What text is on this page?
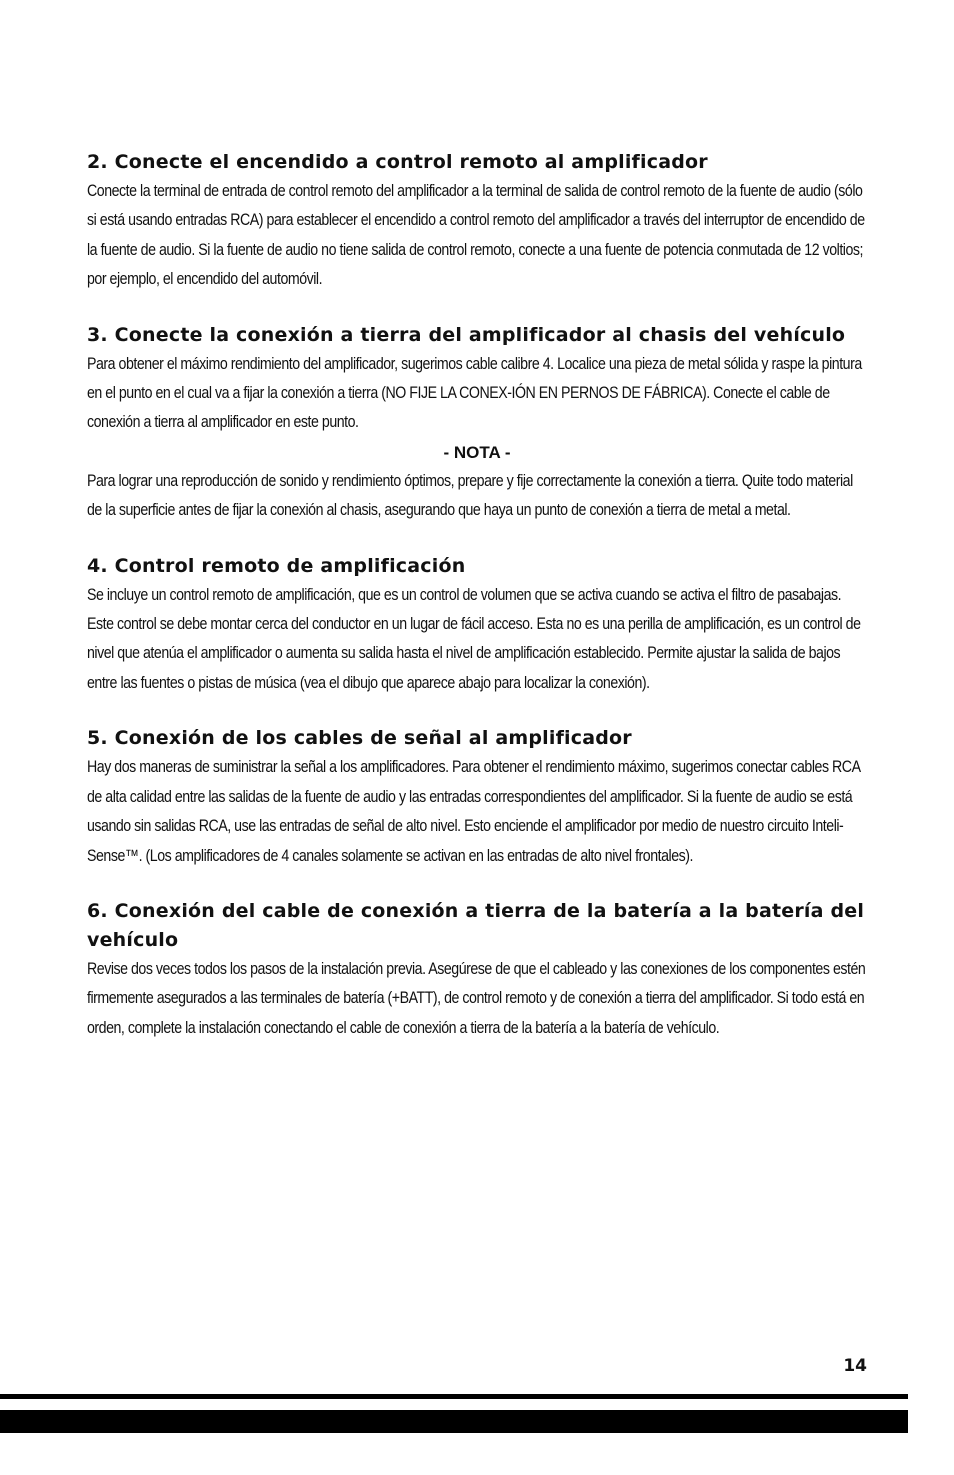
2. Conecte el encendido a control remoto al amplificador

Conecte la terminal de entrada de control remoto del amplificador a la terminal de salida de control remoto de la fuente de audio (sólo si está usando entradas RCA) para establecer el encendido a control remoto del amplificador a través del interruptor de encendido de la fuente de audio. Si la fuente de audio no tiene salida de control remoto, conecte a una fuente de potencia conmutada de 12 voltios; por ejemplo, el encendido del automóvil.

3. Conecte la conexión a tierra del amplificador al chasis del vehículo

Para obtener el máximo rendimiento del amplificador, sugerimos cable calibre 4. Localice una pieza de metal sólida y raspe la pintura en el punto en el cual va a fijar la conexión a tierra (NO FIJE LA CONEX-IÓN EN PERNOS DE FÁBRICA). Conecte el cable de conexión a tierra al amplificador en este punto.

- NOTA -

Para lograr una reproducción de sonido y rendimiento óptimos, prepare y fije correctamente la conexión a tierra. Quite todo material de la superficie antes de fijar la conexión al chasis, asegurando que haya un punto de conexión a tierra de metal a metal.

4. Control remoto de amplificación

Se incluye un control remoto de amplificación, que es un control de volumen que se activa cuando se activa el filtro de pasabajas. Este control se debe montar cerca del conductor en un lugar de fácil acceso. Esta no es una perilla de amplificación, es un control de nivel que atenúa el amplificador o aumenta su salida hasta el nivel de amplificación establecido. Permite ajustar la salida de bajos entre las fuentes o pistas de música (vea el dibujo que aparece abajo para localizar la conexión).

5. Conexión de los cables de señal al amplificador

Hay dos maneras de suministrar la señal a los amplificadores. Para obtener el rendimiento máximo, sugerimos conectar cables RCA de alta calidad entre las salidas de la fuente de audio y las entradas correspondientes del amplificador. Si la fuente de audio se está usando sin salidas RCA, use las entradas de señal de alto nivel. Esto enciende el amplificador por medio de nuestro circuito Inteli-Sense™. (Los amplificadores de 4 canales solamente se activan en las entradas de alto nivel frontales).

6. Conexión del cable de conexión a tierra de la batería a la batería del vehículo

Revise dos veces todos los pasos de la instalación previa. Asegúrese de que el cableado y las conexiones de los componentes estén firmemente asegurados a las terminales de batería (+BATT), de control remoto y de conexión a tierra del amplificador. Si todo está en orden, complete la instalación conectando el cable de conexión a tierra de la batería a la batería de vehículo.

14
